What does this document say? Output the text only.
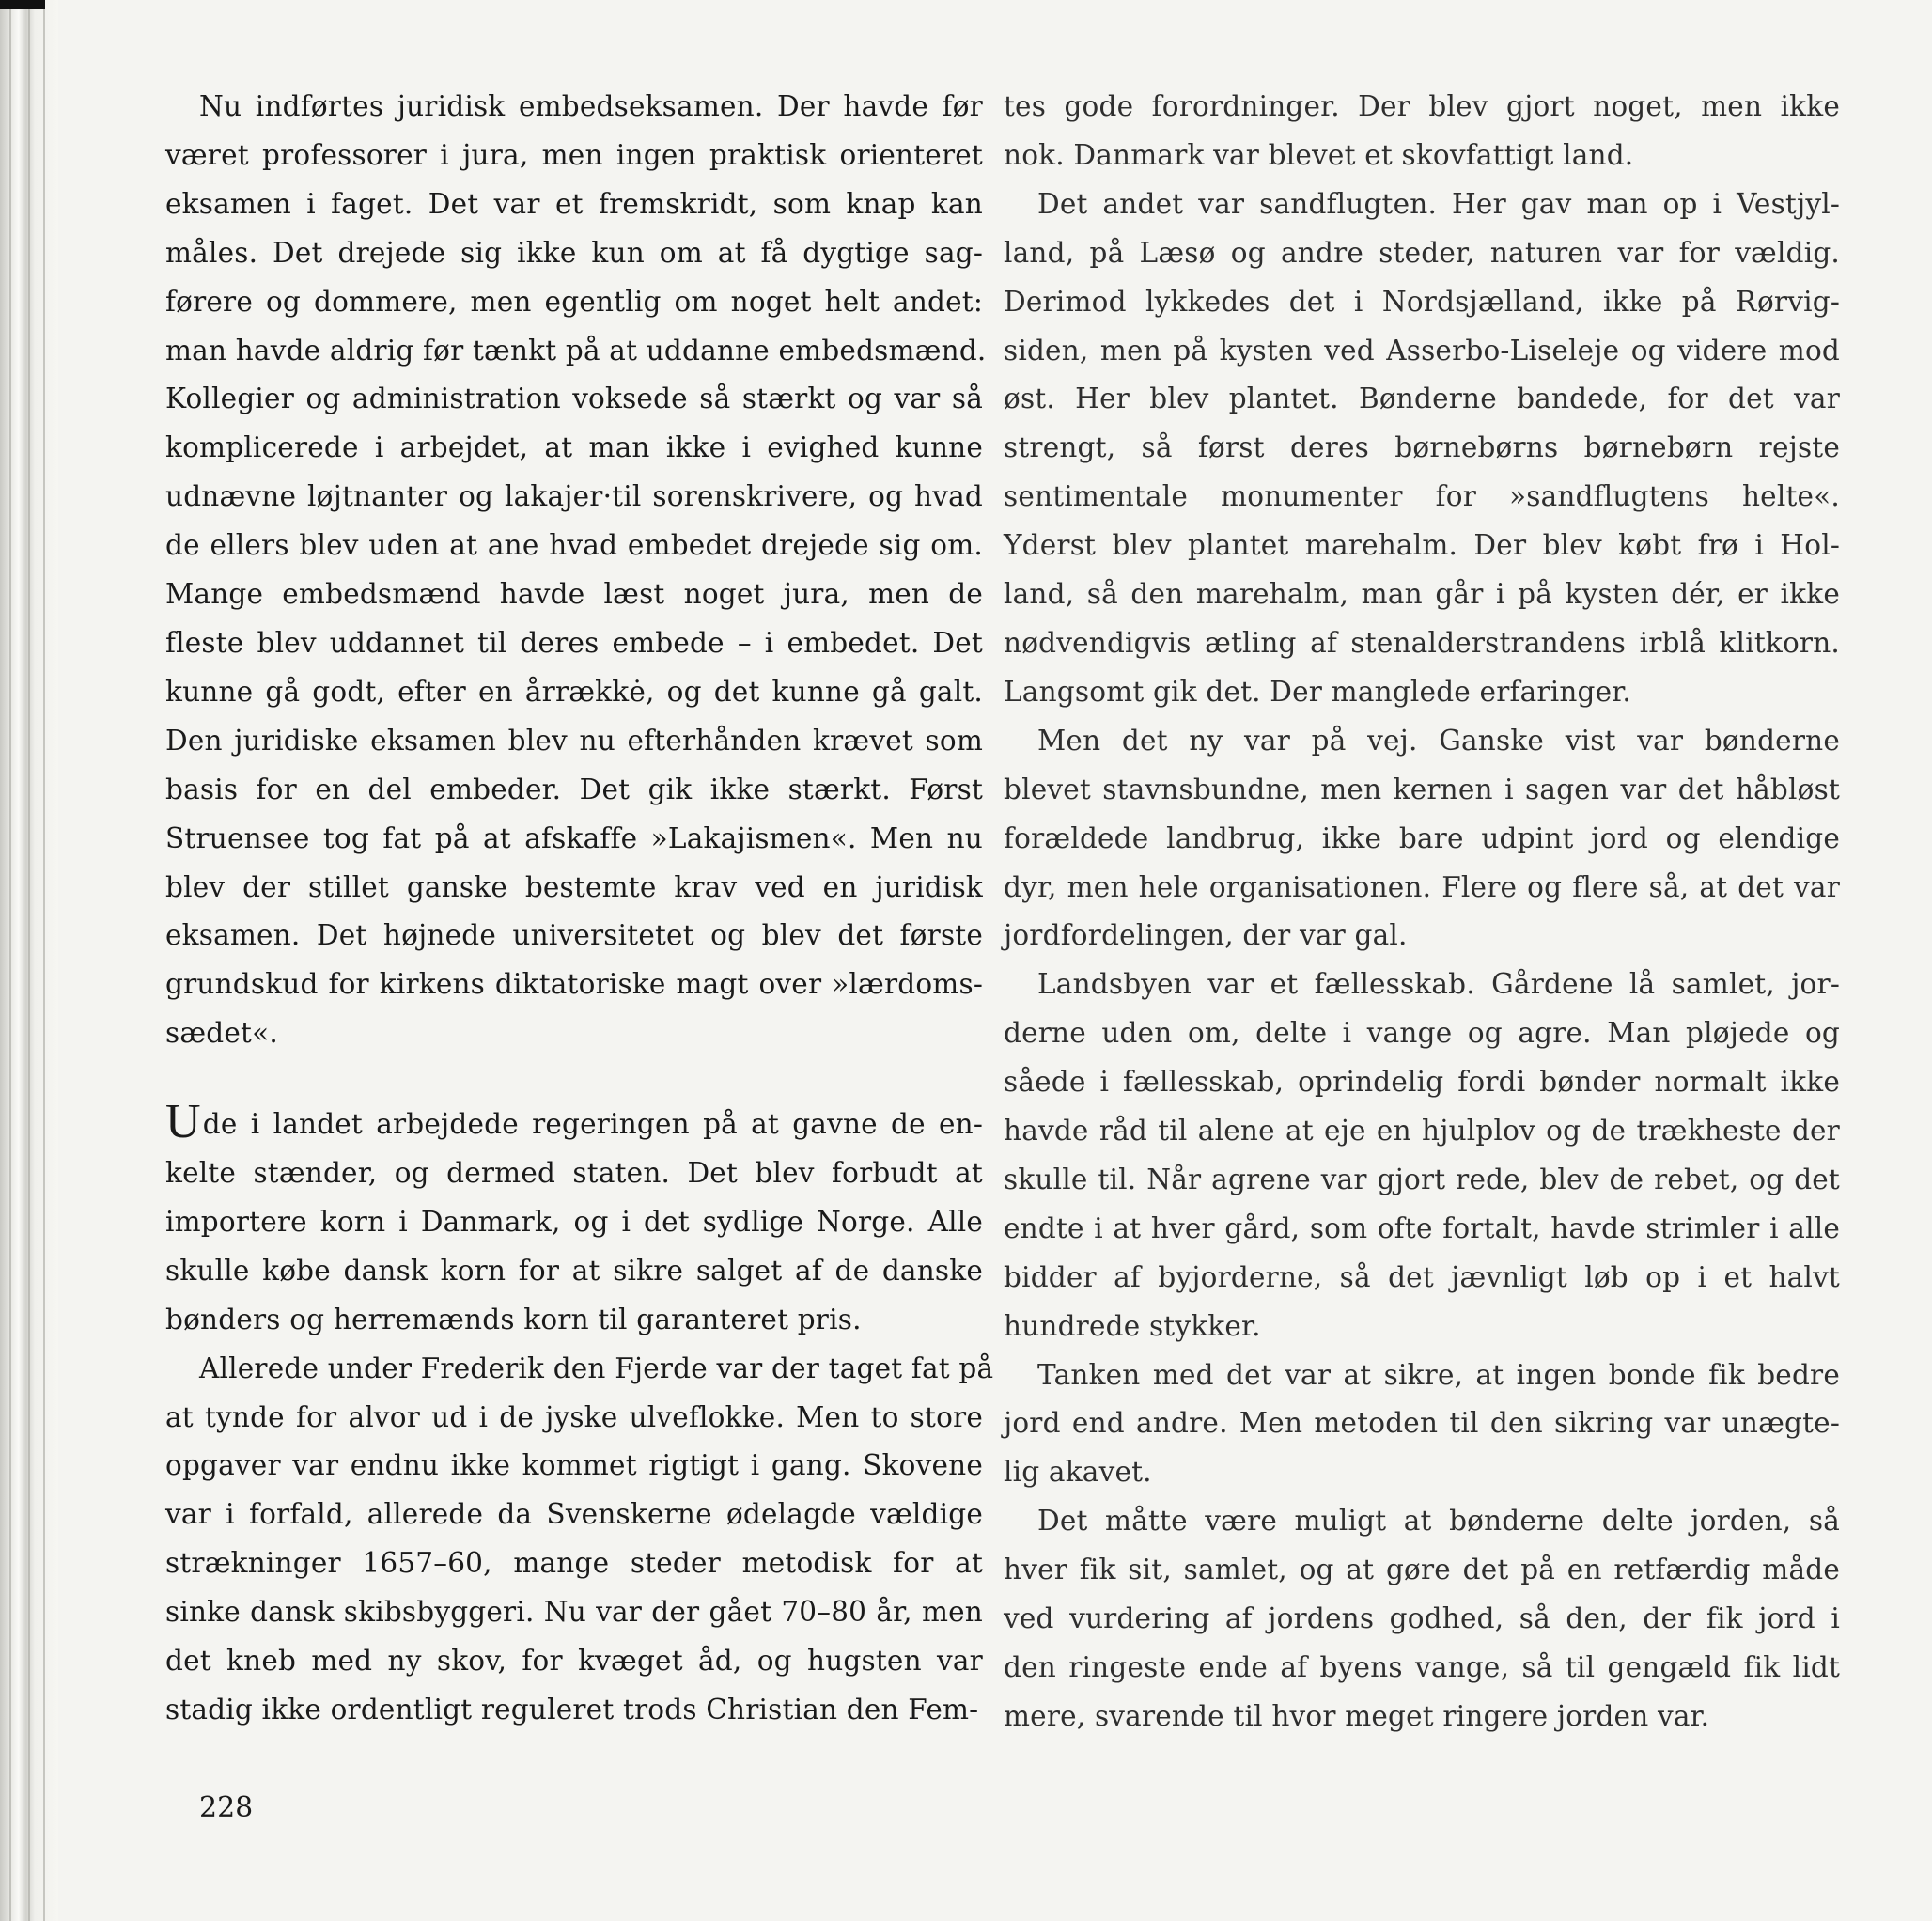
Nu indførtes juridisk embedseksamen. Der havde før
været professorer i jura, men ingen praktisk orienteret
eksamen i faget. Det var et fremskridt, som knap kan
måles. Det drejede sig ikke kun om at få dygtige sag-
førere og dommere, men egentlig om noget helt andet:
man havde aldrig før tænkt på at uddanne embedsmænd.
Kollegier og administration voksede så stærkt og var så
komplicerede i arbejdet, at man ikke i evighed kunne
udnævne løjtnanter og lakajer·til sorenskrivere, og hvad
de ellers blev uden at ane hvad embedet drejede sig om.
Mange embedsmænd havde læst noget jura, men de
fleste blev uddannet til deres embede – i embedet. Det
kunne gå godt, efter en årrækkė, og det kunne gå galt.
Den juridiske eksamen blev nu efterhånden krævet som
basis for en del embeder. Det gik ikke stærkt. Først
Struensee tog fat på at afskaffe »Lakajismen«. Men nu
blev der stillet ganske bestemte krav ved en juridisk
eksamen. Det højnede universitetet og blev det første
grundskud for kirkens diktatoriske magt over »lærdoms-
sædet«.
Ude i landet arbejdede regeringen på at gavne de en-
kelte stænder, og dermed staten. Det blev forbudt at
importere korn i Danmark, og i det sydlige Norge. Alle
skulle købe dansk korn for at sikre salget af de danske
bønders og herremænds korn til garanteret pris.
Allerede under Frederik den Fjerde var der taget fat på
at tynde for alvor ud i de jyske ulveflokke. Men to store
opgaver var endnu ikke kommet rigtigt i gang. Skovene
var i forfald, allerede da Svenskerne ødelagde vældige
strækninger 1657–60, mange steder metodisk for at
sinke dansk skibsbyggeri. Nu var der gået 70–80 år, men
det kneb med ny skov, for kvæget åd, og hugsten var
stadig ikke ordentligt reguleret trods Christian den Fem-
tes gode forordninger. Der blev gjort noget, men ikke
nok. Danmark var blevet et skovfattigt land.
Det andet var sandflugten. Her gav man op i Vestjyl-
land, på Læsø og andre steder, naturen var for vældig.
Derimod lykkedes det i Nordsjælland, ikke på Rørvig-
siden, men på kysten ved Asserbo-Liseleje og videre mod
øst. Her blev plantet. Bønderne bandede, for det var
strengt, så først deres børnebørns børnebørn rejste
sentimentale monumenter for »sandflugtens helte«.
Yderst blev plantet marehalm. Der blev købt frø i Hol-
land, så den marehalm, man går i på kysten dér, er ikke
nødvendigvis ætling af stenalderstrandens irblå klitkorn.
Langsomt gik det. Der manglede erfaringer.
Men det ny var på vej. Ganske vist var bønderne
blevet stavnsbundne, men kernen i sagen var det håbløst
forældede landbrug, ikke bare udpint jord og elendige
dyr, men hele organisationen. Flere og flere så, at det var
jordfordelingen, der var gal.
Landsbyen var et fællesskab. Gårdene lå samlet, jor-
derne uden om, delte i vange og agre. Man pløjede og
såede i fællesskab, oprindelig fordi bønder normalt ikke
havde råd til alene at eje en hjulplov og de trækheste der
skulle til. Når agrene var gjort rede, blev de rebet, og det
endte i at hver gård, som ofte fortalt, havde strimler i alle
bidder af byjorderne, så det jævnligt løb op i et halvt
hundrede stykker.
Tanken med det var at sikre, at ingen bonde fik bedre
jord end andre. Men metoden til den sikring var unægte-
lig akavet.
Det måtte være muligt at bønderne delte jorden, så
hver fik sit, samlet, og at gøre det på en retfærdig måde
ved vurdering af jordens godhed, så den, der fik jord i
den ringeste ende af byens vange, så til gengæld fik lidt
mere, svarende til hvor meget ringere jorden var.
228
